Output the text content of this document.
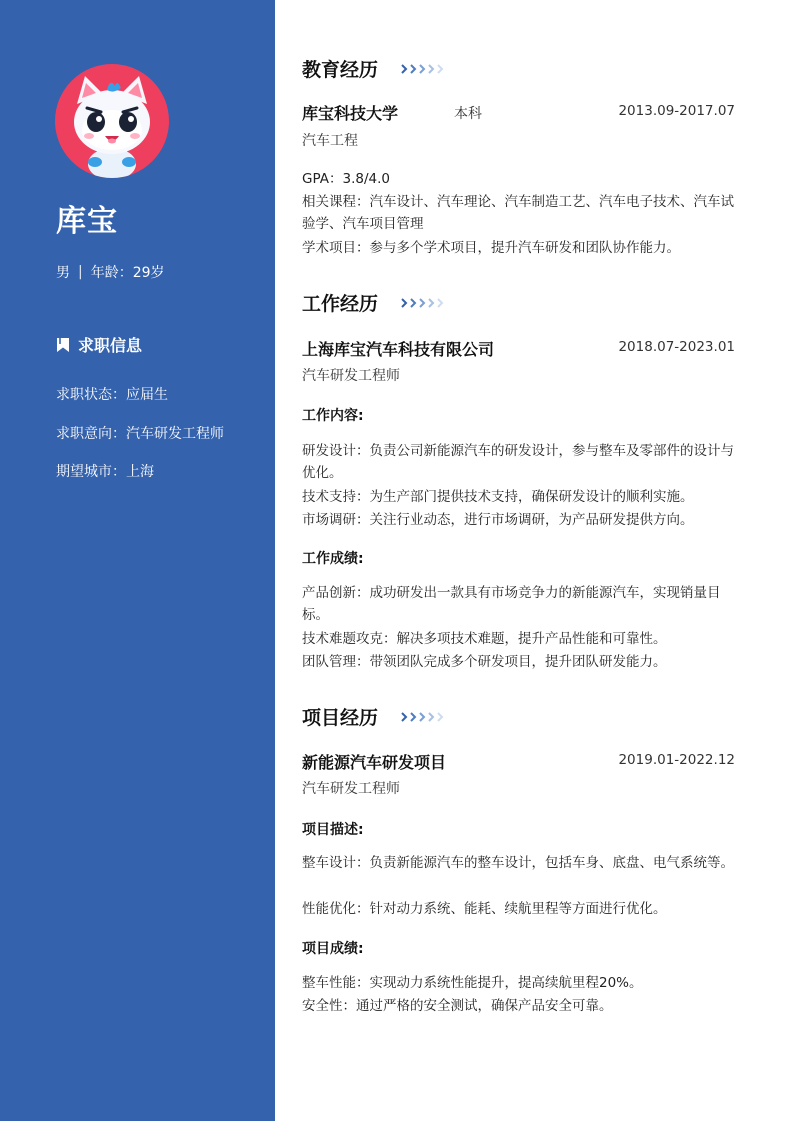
库宝
男 | 年龄：29岁
求职信息
求职状态：应届生
求职意向：汽车研发工程师
期望城市：上海
教育经历
库宝科技大学	本科	2013.09-2017.07
汽车工程
GPA：3.8/4.0
相关课程：汽车设计、汽车理论、汽车制造工艺、汽车电子技术、汽车试验学、汽车项目管理
学术项目：参与多个学术项目，提升汽车研发和团队协作能力。
工作经历
上海库宝汽车科技有限公司	2018.07-2023.01
汽车研发工程师
工作内容:
研发设计：负责公司新能源汽车的研发设计，参与整车及零部件的设计与优化。
技术支持：为生产部门提供技术支持，确保研发设计的顺利实施。
市场调研：关注行业动态，进行市场调研，为产品研发提供方向。
工作成绩:
产品创新：成功研发出一款具有市场竞争力的新能源汽车，实现销量目标。
技术难题攻克：解决多项技术难题，提升产品性能和可靠性。
团队管理：带领团队完成多个研发项目，提升团队研发能力。
项目经历
新能源汽车研发项目	2019.01-2022.12
汽车研发工程师
项目描述:
整车设计：负责新能源汽车的整车设计，包括车身、底盘、电气系统等。
性能优化：针对动力系统、能耗、续航里程等方面进行优化。
项目成绩:
整车性能：实现动力系统性能提升，提高续航里程20%。
安全性：通过严格的安全测试，确保产品安全可靠。
